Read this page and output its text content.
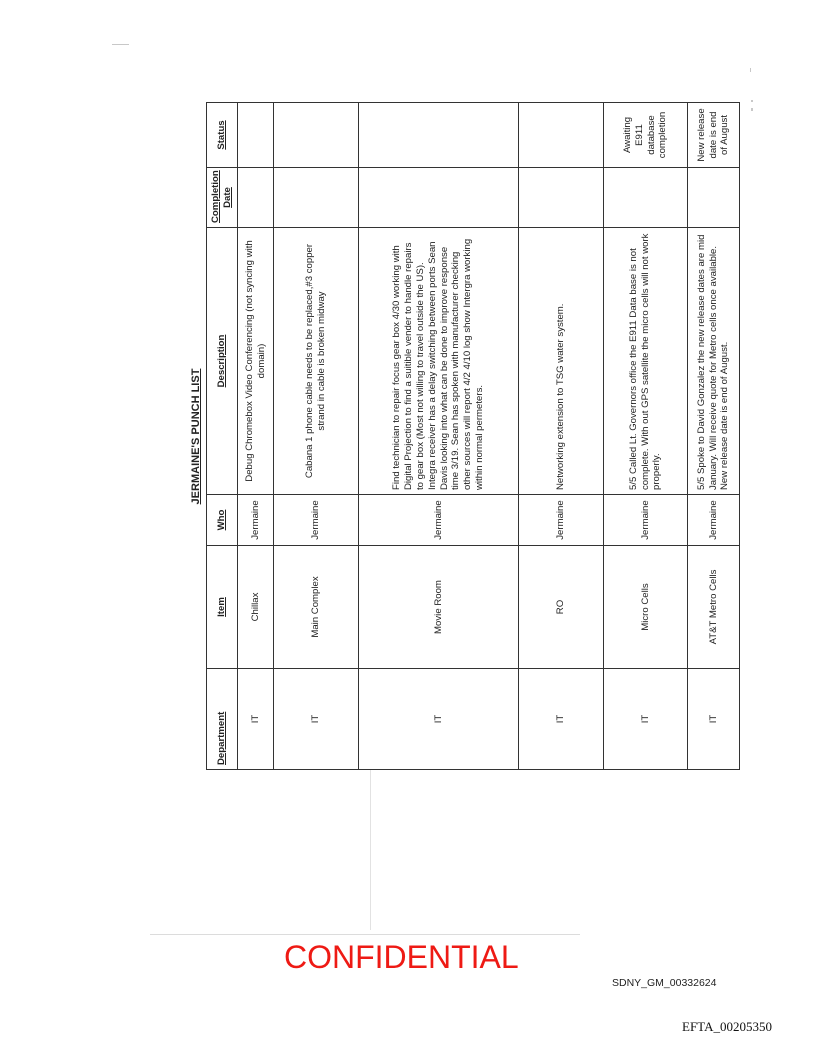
JERMAINE'S PUNCH LIST
Department	Item	Who	Description	Completion Date	Status
IT	Chillax	Jermaine	Debug Chromebox Video Conferencing (not syncing with domain)		
IT	Main Complex	Jermaine	Cabana 1 phone cable needs to be replaced,#3 copper strand in cable is broken midway		
IT	Movie Room	Jermaine	Find technician to repair focus gear box 4/30 working with Digital Projection to find a suitible vender to handle repairs to gear box (Most not willing to travel outside the US). Integra receiver has a delay switching between ports Sean Davis looking into what can be done to improve response time 3/19. Sean has spoken with manufacturer checking other sources will report 4/2 4/10 log show Intergra working within normal permeters.		
IT	RO	Jermaine	Networking extension to TSG water system.		
IT	Micro Cells	Jermaine	5/5 Called Lt. Governors office the E911 Data base is not complete. With out GPS satellite the micro cells will not work properly.		Awaiting E911 database completion
IT	AT&T Metro Cells	Jermaine	5/5 Spoke to David Gonzalez the new release dates are mid January. Will receive quote for Metro cells once available. New release date is end of August.		New release date is end of August
CONFIDENTIAL
SDNY_GM_00332624
EFTA_00205350
